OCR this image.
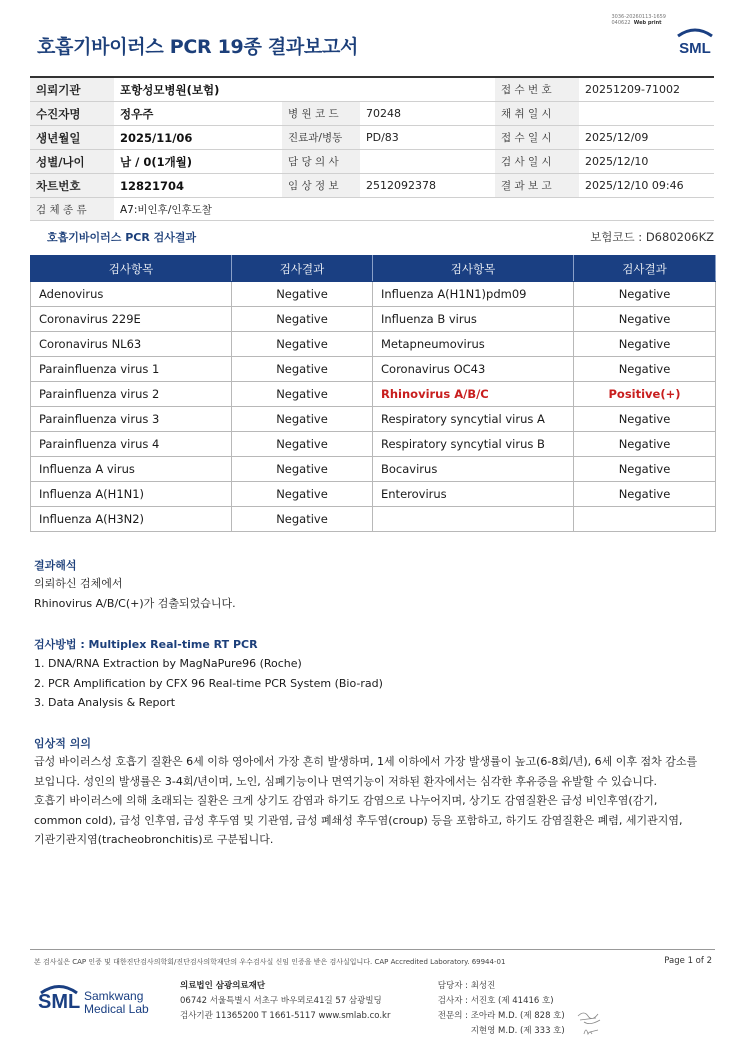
호흡기바이러스 PCR 19종 결과보고서
3036-20260113-1659
040622 Web print
SML
의뢰기관	포항성모병원(보험)			접 수 번 호	20251209-71002
수진자명	정우주	병 원 코 드	70248	채 취 일 시	
생년월일	2025/11/06	진료과/병동	PD/83	접 수 일 시	2025/12/09
성별/나이	남 / 0(1개월)	담 당 의 사		검 사 일 시	2025/12/10
차트번호	12821704	임 상 정 보	2512092378	결 과 보 고	2025/12/10 09:46
검 체 종 류	A7:비인후/인후도찰				
호흡기바이러스 PCR 검사결과	보험코드 : D680206KZ
검사항목	검사결과	검사항목	검사결과
Adenovirus	Negative	Influenza A(H1N1)pdm09	Negative
Coronavirus 229E	Negative	Influenza B virus	Negative
Coronavirus NL63	Negative	Metapneumovirus	Negative
Parainfluenza virus 1	Negative	Coronavirus OC43	Negative
Parainfluenza virus 2	Negative	Rhinovirus A/B/C	Positive(+)
Parainfluenza virus 3	Negative	Respiratory syncytial virus A	Negative
Parainfluenza virus 4	Negative	Respiratory syncytial virus B	Negative
Influenza A virus	Negative	Bocavirus	Negative
Influenza A(H1N1)	Negative	Enterovirus	Negative
Influenza A(H3N2)	Negative		
결과해석
의뢰하신 검체에서
Rhinovirus A/B/C(+)가 검출되었습니다.
검사방법 : Multiplex Real-time RT PCR
1. DNA/RNA Extraction by MagNaPure96 (Roche)
2. PCR Amplification by CFX 96 Real-time PCR System (Bio-rad)
3. Data Analysis & Report
임상적 의의
급성 바이러스성 호흡기 질환은 6세 이하 영아에서 가장 흔히 발생하며, 1세 이하에서 가장 발생률이 높고(6-8회/년), 6세 이후 점차 감소를
보입니다. 성인의 발생률은 3-4회/년이며, 노인, 심폐기능이나 면역기능이 저하된 환자에서는 심각한 후유증을 유발할 수 있습니다.
호흡기 바이러스에 의해 초래되는 질환은 크게 상기도 감염과 하기도 감염으로 나누어지며, 상기도 감염질환은 급성 비인후염(감기,
common cold), 급성 인후염, 급성 후두염 및 기관염, 급성 폐쇄성 후두염(croup) 등을 포함하고, 하기도 감염질환은 폐렴, 세기관지염,
기관기관지염(tracheobronchitis)로 구분됩니다.
본 검사실은 CAP 인증 및 대한진단검사의학회/진단검사의학재단의 우수검사실 신임 인증을 받은 검사실입니다. CAP Accredited Laboratory. 69944-01	Page 1 of 2
SML Samkwang
Medical Lab
의료법인 삼광의료재단
06742 서울특별시 서초구 바우뫼로41길 57 삼광빌딩
검사기관 11365200 T 1661-5117 www.smlab.co.kr
담당자 : 최성진
검사자 : 서진호 (제 41416 호)
전문의 : 조아라 M.D. (제 828 호)
지현영 M.D. (제 333 호)
